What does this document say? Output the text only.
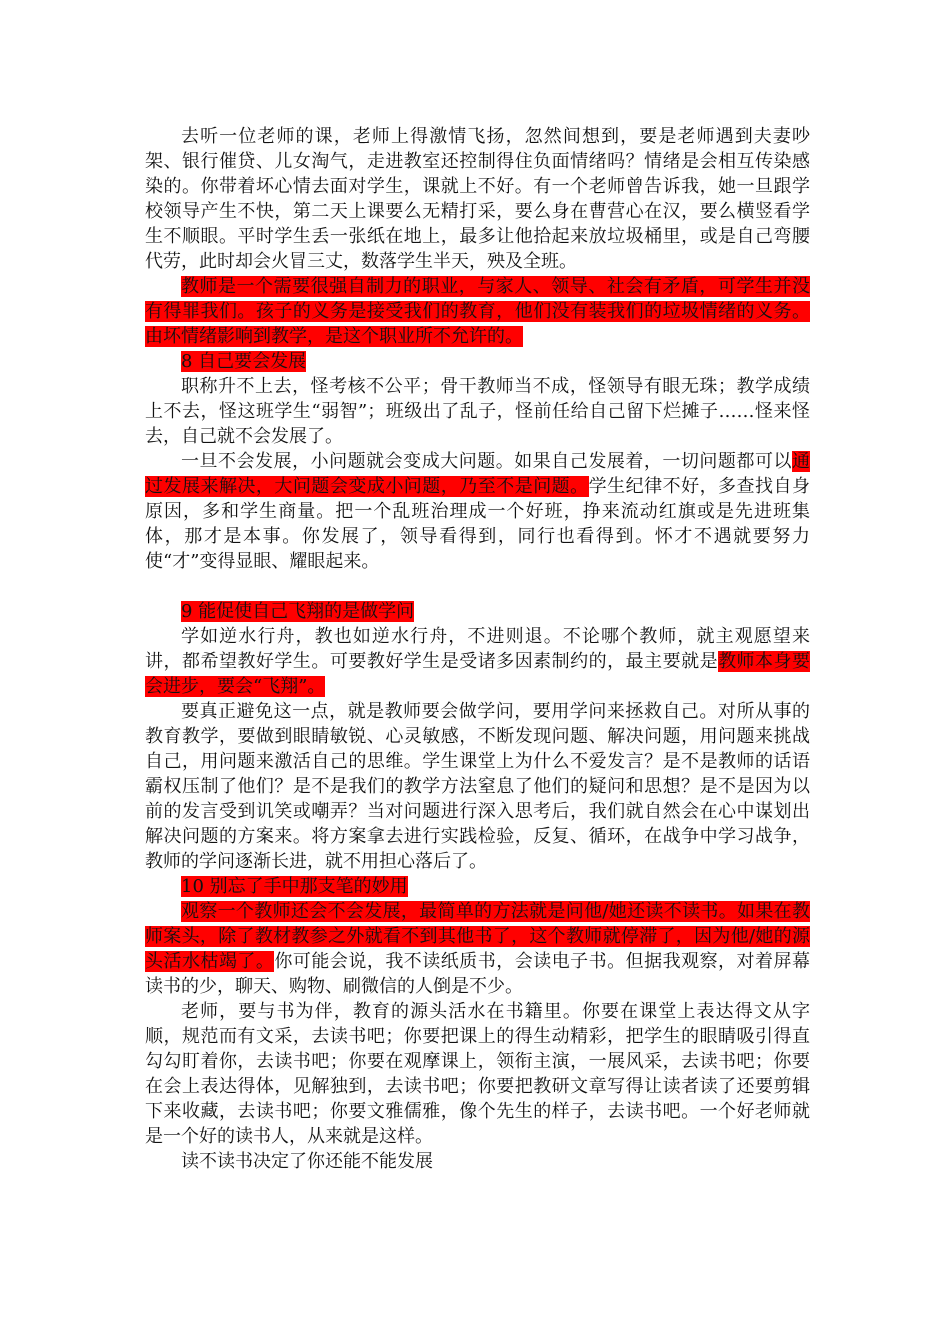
去听一位老师的课，老师上得激情飞扬，忽然间想到，要是老师遇到夫妻吵架、银行催贷、儿女淘气，走进教室还控制得住负面情绪吗？情绪是会相互传染感染的。你带着坏心情去面对学生，课就上不好。有一个老师曾告诉我，她一旦跟学校领导产生不快，第二天上课要么无精打采，要么身在曹营心在汉，要么横竖看学生不顺眼。平时学生丢一张纸在地上，最多让他拾起来放垃圾桶里，或是自己弯腰代劳，此时却会火冒三丈，数落学生半天，殃及全班。

教师是一个需要很强自制力的职业，与家人、领导、社会有矛盾，可学生并没有得罪我们。孩子的义务是接受我们的教育，他们没有装我们的垃圾情绪的义务。由坏情绪影响到教学，是这个职业所不允许的。

8 自己要会发展

职称升不上去，怪考核不公平；骨干教师当不成，怪领导有眼无珠；教学成绩上不去，怪这班学生“弱智”；班级出了乱子，怪前任给自己留下烂摊子……怪来怪去，自己就不会发展了。

一旦不会发展，小问题就会变成大问题。如果自己发展着，一切问题都可以通过发展来解决，大问题会变成小问题，乃至不是问题。学生纪律不好，多查找自身原因，多和学生商量。把一个乱班治理成一个好班，挣来流动红旗或是先进班集体，那才是本事。你发展了，领导看得到，同行也看得到。怀才不遇就要努力使“才”变得显眼、耀眼起来。

9 能促使自己飞翔的是做学问

学如逆水行舟，教也如逆水行舟，不进则退。不论哪个教师，就主观愿望来讲，都希望教好学生。可要教好学生是受诸多因素制约的，最主要就是教师本身要会进步，要会“飞翔”。

要真正避免这一点，就是教师要会做学问，要用学问来拯救自己。对所从事的教育教学，要做到眼睛敏锐、心灵敏感，不断发现问题、解决问题，用问题来挑战自己，用问题来激活自己的思维。学生课堂上为什么不爱发言？是不是教师的话语霸权压制了他们？是不是我们的教学方法窒息了他们的疑问和思想？是不是因为以前的发言受到讥笑或嘲弄？当对问题进行深入思考后，我们就自然会在心中谋划出解决问题的方案来。将方案拿去进行实践检验，反复、循环，在战争中学习战争，教师的学问逐渐长进，就不用担心落后了。

10 别忘了手中那支笔的妙用

观察一个教师还会不会发展，最简单的方法就是问他/她还读不读书。如果在教师案头，除了教材教参之外就看不到其他书了，这个教师就停滞了，因为他/她的源头活水枯竭了。你可能会说，我不读纸质书，会读电子书。但据我观察，对着屏幕读书的少，聊天、购物、刷微信的人倒是不少。

老师，要与书为伴，教育的源头活水在书籍里。你要在课堂上表达得文从字顺，规范而有文采，去读书吧；你要把课上的得生动精彩，把学生的眼睛吸引得直勾勾盯着你，去读书吧；你要在观摩课上，领衔主演，一展风采，去读书吧；你要在会上表达得体，见解独到，去读书吧；你要把教研文章写得让读者读了还要剪辑下来收藏，去读书吧；你要文雅儒雅，像个先生的样子，去读书吧。一个好老师就是一个好的读书人，从来就是这样。

读不读书决定了你还能不能发展
